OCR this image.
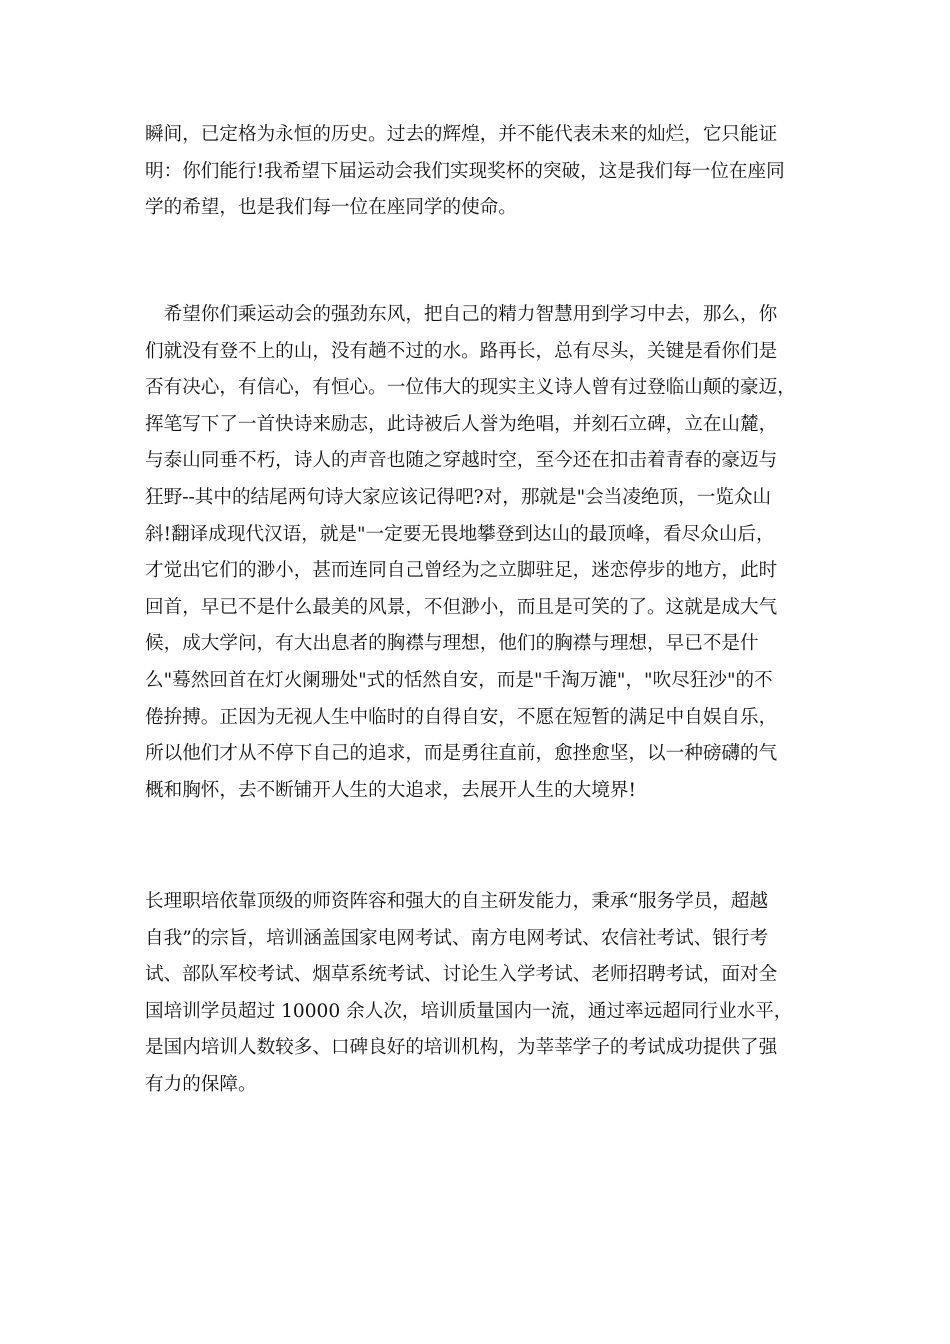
瞬间，已定格为永恒的历史。过去的辉煌，并不能代表未来的灿烂，它只能证
明：你们能行!我希望下届运动会我们实现奖杯的突破，这是我们每一位在座同
学的希望，也是我们每一位在座同学的使命。

　希望你们乘运动会的强劲东风，把自己的精力智慧用到学习中去，那么，你
们就没有登不上的山，没有趟不过的水。路再长，总有尽头，关键是看你们是
否有决心，有信心，有恒心。一位伟大的现实主义诗人曾有过登临山颠的豪迈，
挥笔写下了一首快诗来励志，此诗被后人誉为绝唱，并刻石立碑，立在山麓，
与泰山同垂不朽，诗人的声音也随之穿越时空，至今还在扣击着青春的豪迈与
狂野--其中的结尾两句诗大家应该记得吧?对，那就是"会当凌绝顶，一览众山
斜!翻译成现代汉语，就是"一定要无畏地攀登到达山的最顶峰，看尽众山后，
才觉出它们的渺小，甚而连同自己曾经为之立脚驻足，迷恋停步的地方，此时
回首，早已不是什么最美的风景，不但渺小，而且是可笑的了。这就是成大气
候，成大学问，有大出息者的胸襟与理想，他们的胸襟与理想，早已不是什
么"蓦然回首在灯火阑珊处"式的恬然自安，而是"千淘万漉"，"吹尽狂沙"的不
倦拚搏。正因为无视人生中临时的自得自安，不愿在短暂的满足中自娱自乐，
所以他们才从不停下自己的追求，而是勇往直前，愈挫愈坚，以一种磅礴的气
概和胸怀，去不断铺开人生的大追求，去展开人生的大境界!

长理职培依靠顶级的师资阵容和强大的自主研发能力，秉承“服务学员，超越
自我”的宗旨，培训涵盖国家电网考试、南方电网考试、农信社考试、银行考
试、部队军校考试、烟草系统考试、讨论生入学考试、老师招聘考试，面对全
国培训学员超过 10000 余人次，培训质量国内一流，通过率远超同行业水平，
是国内培训人数较多、口碑良好的培训机构，为莘莘学子的考试成功提供了强
有力的保障。
